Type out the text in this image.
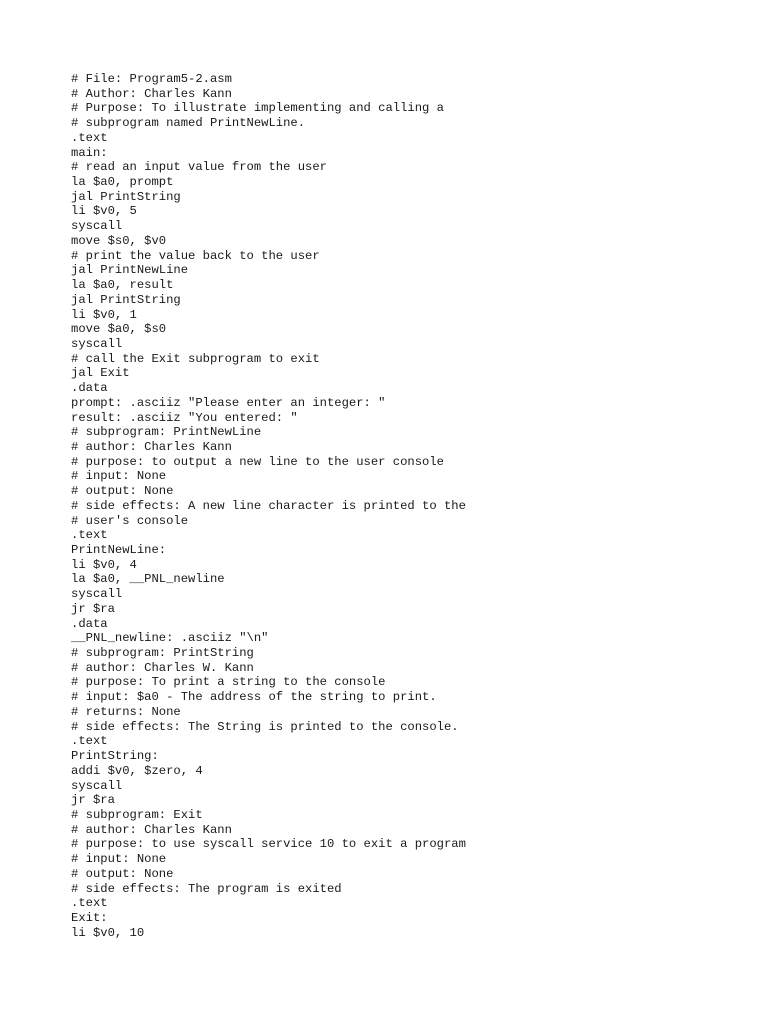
# File: Program5-2.asm
# Author: Charles Kann
# Purpose: To illustrate implementing and calling a
# subprogram named PrintNewLine.
.text
main:
# read an input value from the user
la $a0, prompt
jal PrintString
li $v0, 5
syscall
move $s0, $v0
# print the value back to the user
jal PrintNewLine
la $a0, result
jal PrintString
li $v0, 1
move $a0, $s0
syscall
# call the Exit subprogram to exit
jal Exit
.data
prompt: .asciiz "Please enter an integer: "
result: .asciiz "You entered: "
# subprogram: PrintNewLine
# author: Charles Kann
# purpose: to output a new line to the user console
# input: None
# output: None
# side effects: A new line character is printed to the
# user's console
.text
PrintNewLine:
li $v0, 4
la $a0, __PNL_newline
syscall
jr $ra
.data
__PNL_newline: .asciiz "\n"
# subprogram: PrintString
# author: Charles W. Kann
# purpose: To print a string to the console
# input: $a0 - The address of the string to print.
# returns: None
# side effects: The String is printed to the console.
.text
PrintString:
addi $v0, $zero, 4
syscall
jr $ra
# subprogram: Exit
# author: Charles Kann
# purpose: to use syscall service 10 to exit a program
# input: None
# output: None
# side effects: The program is exited
.text
Exit:
li $v0, 10
